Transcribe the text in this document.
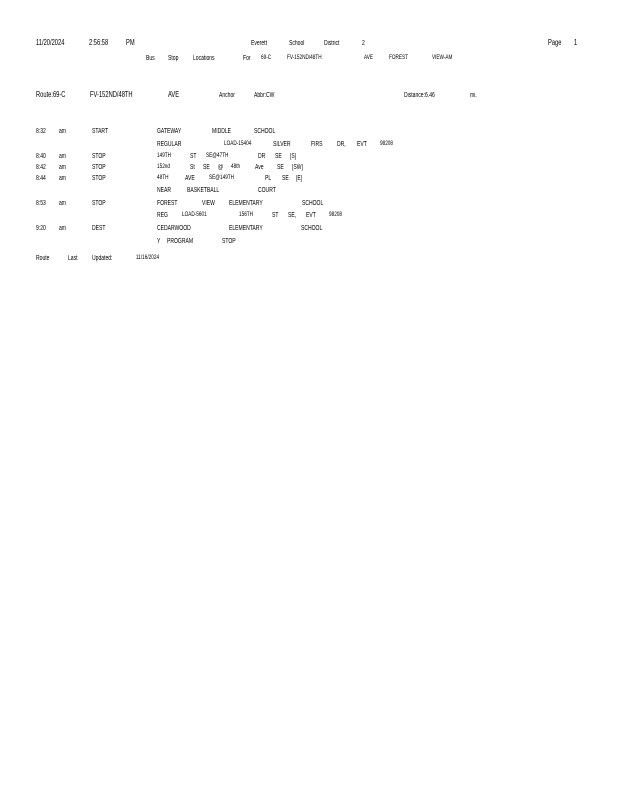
11/20/2024	2:56:58 PM	Everett	School	District	2	Page 1
Bus Stop Locations	For 69-C FV-152ND/48TH	AVE FOREST	VIEW-AM
Route:69-C	FV-152ND/48TH	AVE	Anchor	Abbr:CW	Distance:6.46	mi.
8:32 am	START	GATEWAY	MIDDLE	SCHOOL
REGULAR	LOAD-15404	SILVER	FIRS DR, EVT 98208
8:40 am	STOP	149TH	ST SE@47TH	DR SE [S]
8:42 am	STOP	152nd	St SE @ 48th Ave SE [SW]
8:44 am	STOP	48TH AVE SE@149TH	PL SE [E]
NEAR BASKETBALL	COURT
8:53 am	STOP	FOREST	VIEW ELEMENTARY	SCHOOL
REG LOAD-5601	156TH	ST SE, EVT 98208
9:20 am	DEST	CEDARWOOD	ELEMENTARY	SCHOOL
Y PROGRAM	STOP
Route	Last Updated:	11/16/2024
